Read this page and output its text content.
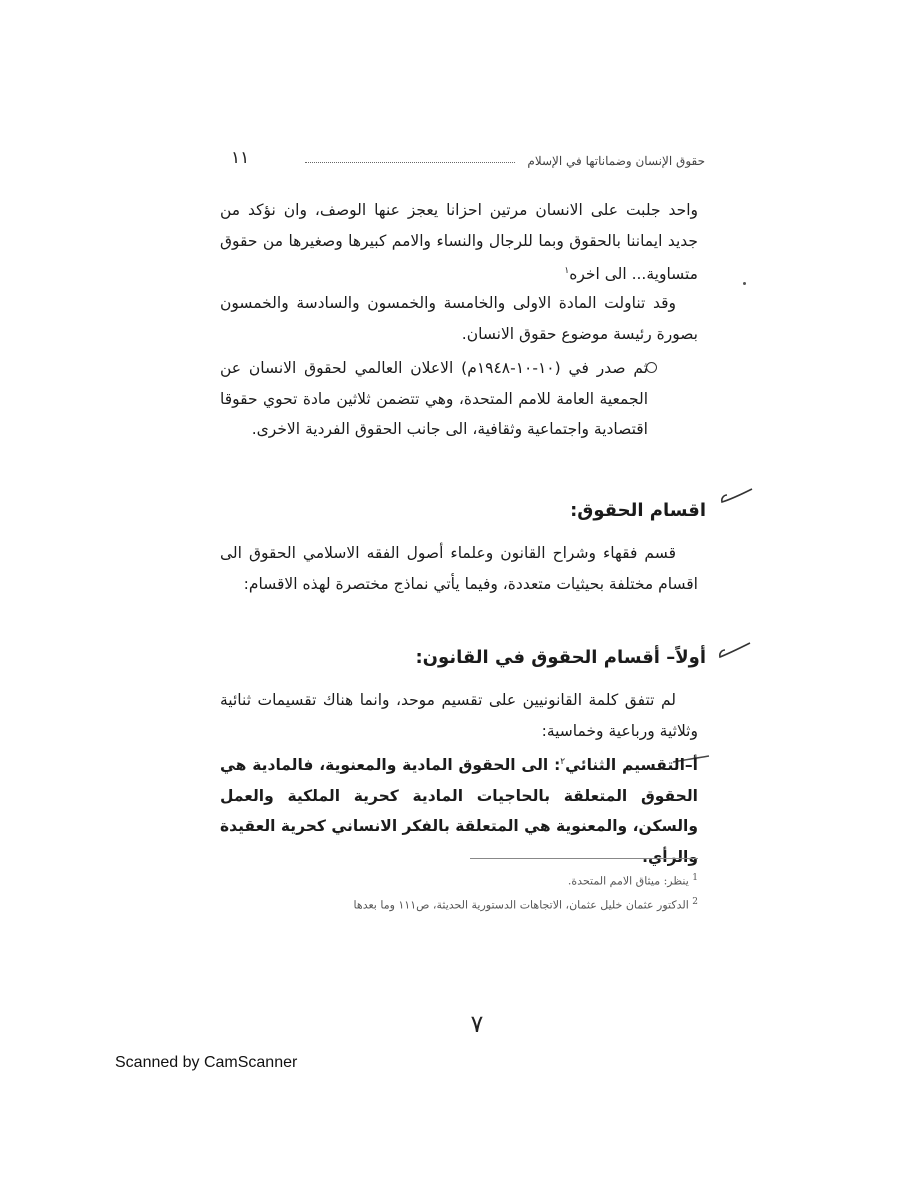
حقوق الإنسان وضماناتها في الإسلام
١١
واحد جلبت على الانسان مرتين احزانا يعجز عنها الوصف، وان نؤكد من جديد ايماننا بالحقوق وبما للرجال والنساء والامم كبيرها وصغيرها من حقوق متساوية... الى اخره$^١$
وقد تناولت المادة الاولى والخامسة والخمسون والسادسة والخمسون بصورة رئيسة موضوع حقوق الانسان.
ثم صدر في (١٠-١٠-١٩٤٨م) الاعلان العالمي لحقوق الانسان عن الجمعية العامة للامم المتحدة، وهي تتضمن ثلاثين مادة تحوي حقوقا اقتصادية واجتماعية وثقافية، الى جانب الحقوق الفردية الاخرى.
اقسام الحقوق:
قسم فقهاء وشراح القانون وعلماء أصول الفقه الاسلامي الحقوق الى اقسام مختلفة بحيثيات متعددة، وفيما يأتي نماذج مختصرة لهذه الاقسام:
أولاً– أقسام الحقوق في القانون:
لم تتفق كلمة القانونيين على تقسيم موحد، وانما هناك تقسيمات ثنائية وثلاثية ورباعية وخماسية:
أ–التقسيم الثنائي$^٢$: الى الحقوق المادية والمعنوية، فالمادية هي الحقوق المتعلقة بالحاجيات المادية كحرية الملكية والعمل والسكن، والمعنوية هي المتعلقة بالفكر الانساني كحرية العقيدة والرأي.
$^1$ ينظر: ميثاق الامم المتحدة.
$^2$ الدكتور عثمان خليل عثمان، الاتجاهات الدستورية الحديثة، ص١١١ وما بعدها
٧
Scanned by CamScanner
